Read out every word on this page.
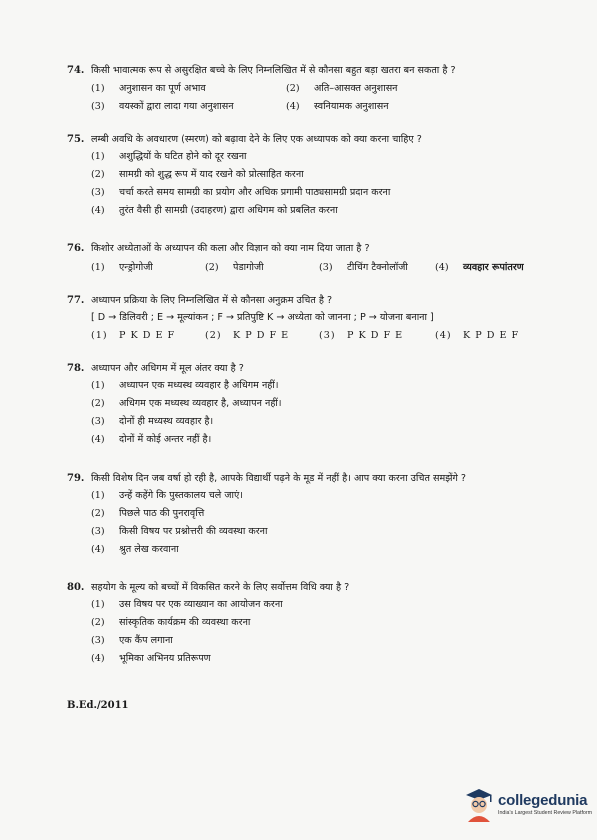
74. किसी भावात्मक रूप से असुरक्षित बच्चे के लिए निम्नलिखित में से कौनसा बहुत बड़ा खतरा बन सकता है ?
(1)	अनुशासन का पूर्ण अभाव	(2)	अति–आसक्त अनुशासन
(3)	वयस्कों द्वारा लादा गया अनुशासन	(4)	स्वनियामक अनुशासन
75. लम्बी अवधि के अवधारण (स्मरण) को बढ़ावा देने के लिए एक अध्यापक को क्या करना चाहिए ?
(1)	अशुद्धियों के घटित होने को दूर रखना
(2)	सामग्री को शुद्ध रूप में याद रखने को प्रोत्साहित करना
(3)	चर्चा करते समय सामग्री का प्रयोग और अधिक प्रगामी पाठ्यसामग्री प्रदान करना
(4)	तुरंत वैसी ही सामग्री (उदाहरण) द्वारा अधिगम को प्रबलित करना
76. किशोर अध्येताओं के अध्यापन की कला और विज्ञान को क्या नाम दिया जाता है ?
(1)	एन्ड्रोगोजी	(2)	पेडागोजी	(3)	टीचिंग टैक्नोलॉजी	(4)	व्यवहार रूपांतरण
77. अध्यापन प्रक्रिया के लिए निम्नलिखित में से कौनसा अनुक्रम उचित है ?
[ D → डिलिवरी ; E → मूल्यांकन ; F → प्रतिपुष्टि K → अध्येता को जानना ; P → योजना बनाना ]
(1)	P K D E F	(2)	K P D F E	(3)	P K D F E	(4)	K P D E F
78. अध्यापन और अधिगम में मूल अंतर क्या है ?
(1)	अध्यापन एक मध्यस्थ व्यवहार है अधिगम नहीं।
(2)	अधिगम एक मध्यस्थ व्यवहार है, अध्यापन नहीं।
(3)	दोनों ही मध्यस्थ व्यवहार है।
(4)	दोनों में कोई अन्तर नहीं है।
79. किसी विशेष दिन जब वर्षा हो रही है, आपके विद्यार्थी पढ़ने के मूड में नहीं है। आप क्या करना उचित समझेंगे ?
(1)	उन्हें कहेंगे कि पुस्तकालय चले जाएं।
(2)	पिछले पाठ की पुनरावृत्ति
(3)	किसी विषय पर प्रश्नोत्तरी की व्यवस्था करना
(4)	श्रुत लेख करवाना
80. सहयोग के मूल्य को बच्चों में विकसित करने के लिए सर्वोत्तम विधि क्या है ?
(1)	उस विषय पर एक व्याख्यान का आयोजन करना
(2)	सांस्कृतिक कार्यक्रम की व्यवस्था करना
(3)	एक कैंप लगाना
(4)	भूमिका अभिनय प्रतिरूपण
B.Ed./2011
collegedunia
India's Largest Student Review Platform
